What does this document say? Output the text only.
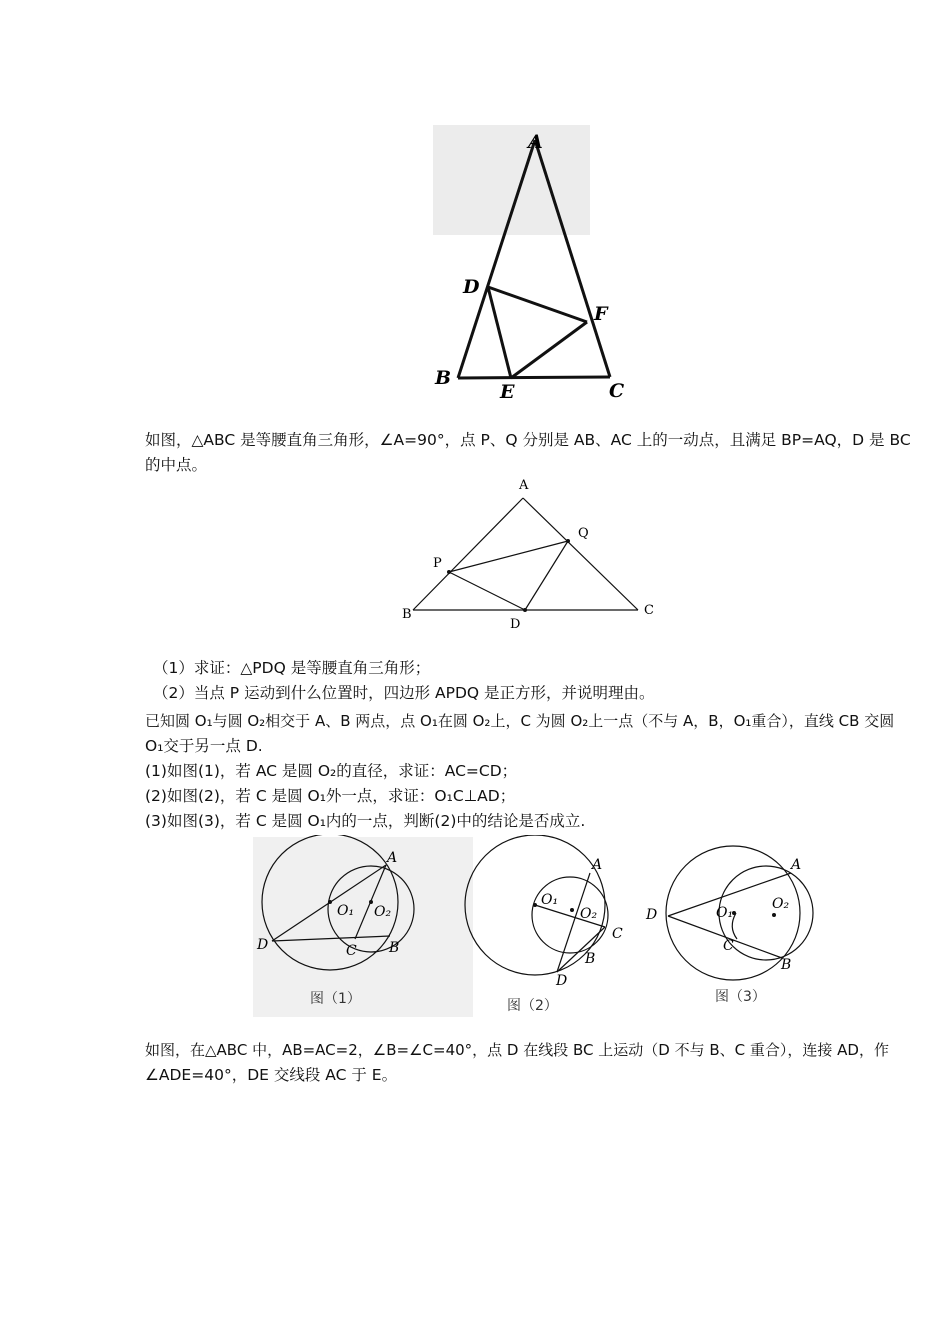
A
B
C
D
E
F
如图，△ABC 是等腰直角三角形，∠A=90°，点 P、Q 分别是 AB、AC 上的一动点，且满足 BP=AQ，D 是 BC 的中点。
A
B	C
D
P
Q
（1）求证：△PDQ 是等腰直角三角形；
（2）当点 P 运动到什么位置时，四边形 APDQ 是正方形，并说明理由。
已知圆 O₁与圆 O₂相交于 A、B 两点，点 O₁在圆 O₂上，C 为圆 O₂上一点（不与 A，B，O₁重合），直线 CB 交圆
O₁交于另一点 D.
(1)如图(1)，若 AC 是圆 O₂的直径，求证：AC=CD；
(2)如图(2)，若 C 是圆 O₁外一点，求证：O₁C⊥AD；
(3)如图(3)，若 C 是圆 O₁内的一点，判断(2)中的结论是否成立.
A
D	C B
O₁ O₂
图（1）
A
O₁
O₂
C
B
D
图（2）
A
D	O₁
O₂
C
B
图（3）
如图，在△ABC 中，AB=AC=2，∠B=∠C=40°，点 D 在线段 BC 上运动（D 不与 B、C 重合），连接 AD，作
∠ADE=40°，DE 交线段 AC 于 E。
